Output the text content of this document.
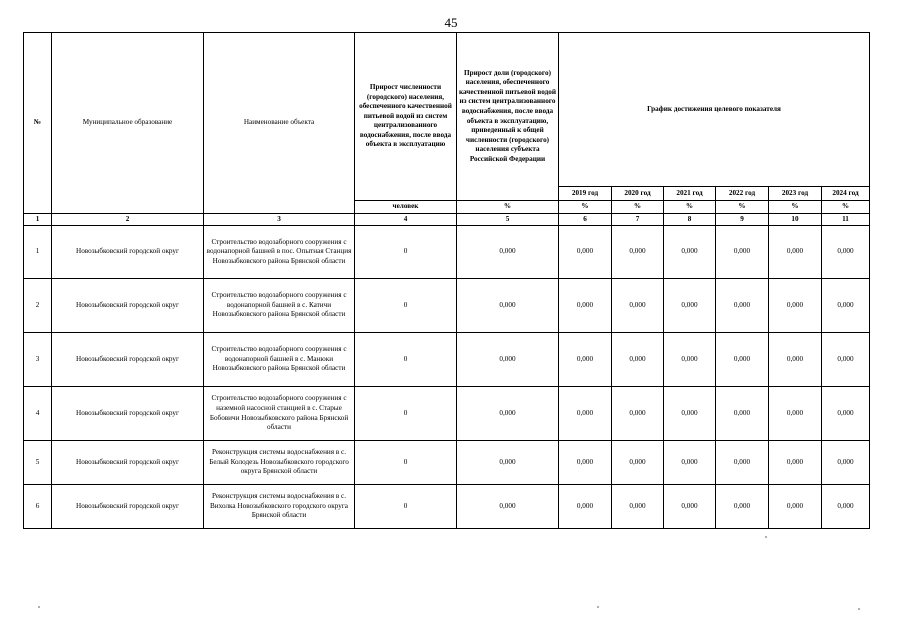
45
№	Муниципальное образование	Наименование объекта	Прирост численности (городского) населения, обеспеченного качественной питьевой водой из систем централизованного водоснабжения, после ввода объекта в эксплуатацию	Прирост доли (городского) населения, обеспеченного качественной питьевой водой из систем централизованного водоснабжения, после ввода объекта в эксплуатацию, приведенный к общей численности (городского) населения субъекта Российской Федерации	График достижения целевого показателя					
					2019 год	2020 год	2021 год	2022 год	2023 год	2024 год
			человек	%	%	%	%	%	%	%
1	2	3	4	5	6	7	8	9	10	11
1	Новозыбковский городской округ	Строительство водозаборного сооружения с водонапорной башней в пос. Опытная Станция Новозыбковского района Брянской области	0	0,000	0,000	0,000	0,000	0,000	0,000	0,000
2	Новозыбковский городской округ	Строительство водозаборного сооружения с водонапорной башней в с. Катичи Новозыбковского района Брянской области	0	0,000	0,000	0,000	0,000	0,000	0,000	0,000
3	Новозыбковский городской округ	Строительство водозаборного сооружения с водонапорной башней в с. Манюки Новозыбковского района Брянской области	0	0,000	0,000	0,000	0,000	0,000	0,000	0,000
4	Новозыбковский городской округ	Строительство водозаборного сооружения с наземной насосной станцией в с. Старые Бобовичи Новозыбковского района Брянской области	0	0,000	0,000	0,000	0,000	0,000	0,000	0,000
5	Новозыбковский городской округ	Реконструкция системы водоснабжения в с. Белый Колодезь Новозыбковского городского округа Брянской области	0	0,000	0,000	0,000	0,000	0,000	0,000	0,000
6	Новозыбковский городской округ	Реконструкция системы водоснабжения в с. Вихолка Новозыбковского городского округа Брянской области	0	0,000	0,000	0,000	0,000	0,000	0,000	0,000
